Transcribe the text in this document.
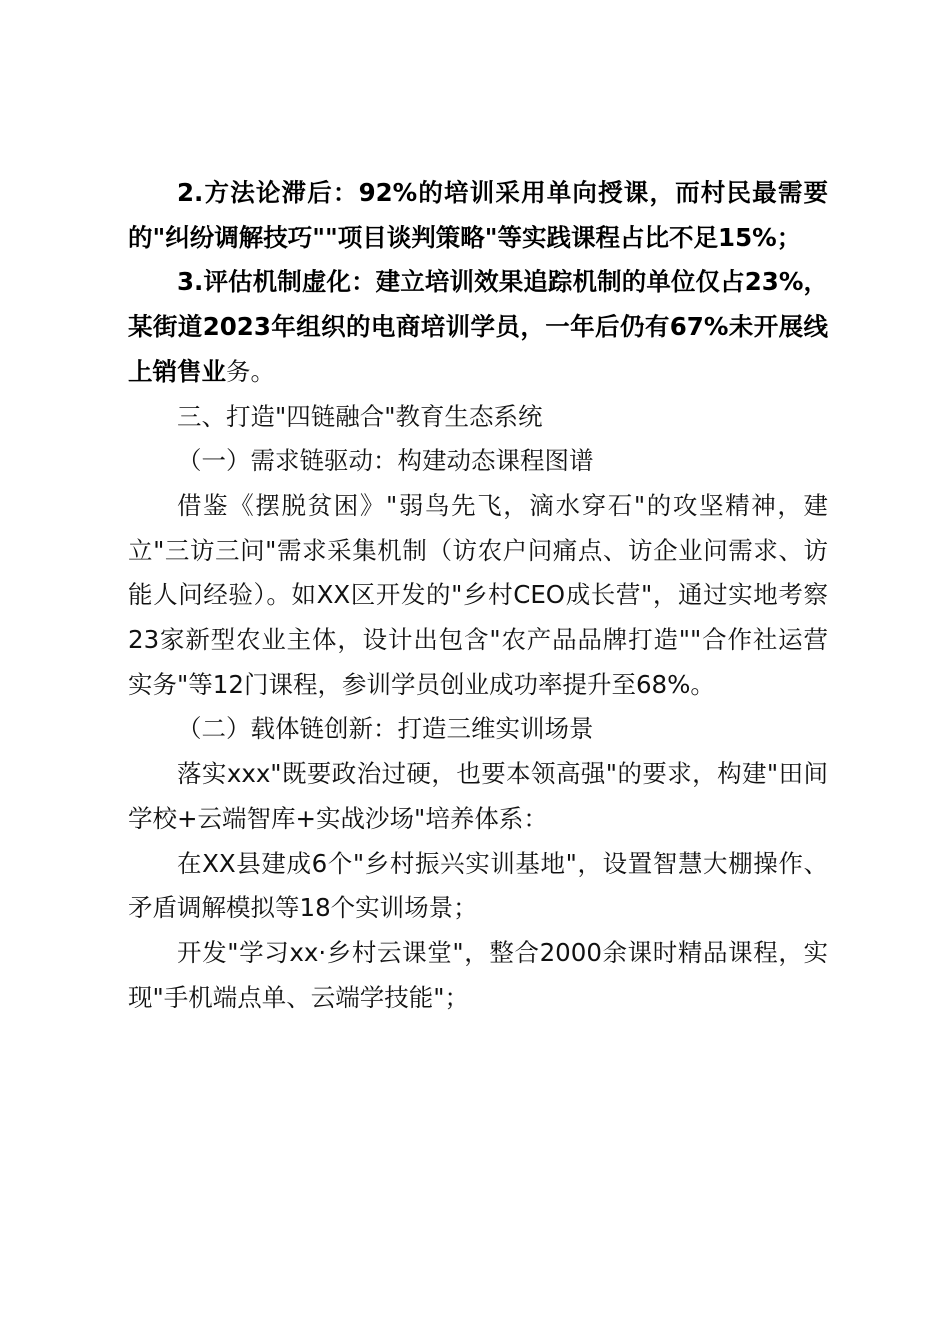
2.方法论滞后：92%的培训采用单向授课，而村民最需要的"纠纷调解技巧""项目谈判策略"等实践课程占比不足15%；

3.评估机制虚化：建立培训效果追踪机制的单位仅占23%，某街道2023年组织的电商培训学员，一年后仍有67%未开展线上销售业务。

三、打造"四链融合"教育生态系统

（一）需求链驱动：构建动态课程图谱

借鉴《摆脱贫困》"弱鸟先飞，滴水穿石"的攻坚精神，建立"三访三问"需求采集机制（访农户问痛点、访企业问需求、访能人问经验）。如XX区开发的"乡村CEO成长营"，通过实地考察23家新型农业主体，设计出包含"农产品品牌打造""合作社运营实务"等12门课程，参训学员创业成功率提升至68%。

（二）载体链创新：打造三维实训场景

落实xxx"既要政治过硬，也要本领高强"的要求，构建"田间学校+云端智库+实战沙场"培养体系：

在XX县建成6个"乡村振兴实训基地"，设置智慧大棚操作、矛盾调解模拟等18个实训场景；

开发"学习xx·乡村云课堂"，整合2000余课时精品课程，实现"手机端点单、云端学技能"；
